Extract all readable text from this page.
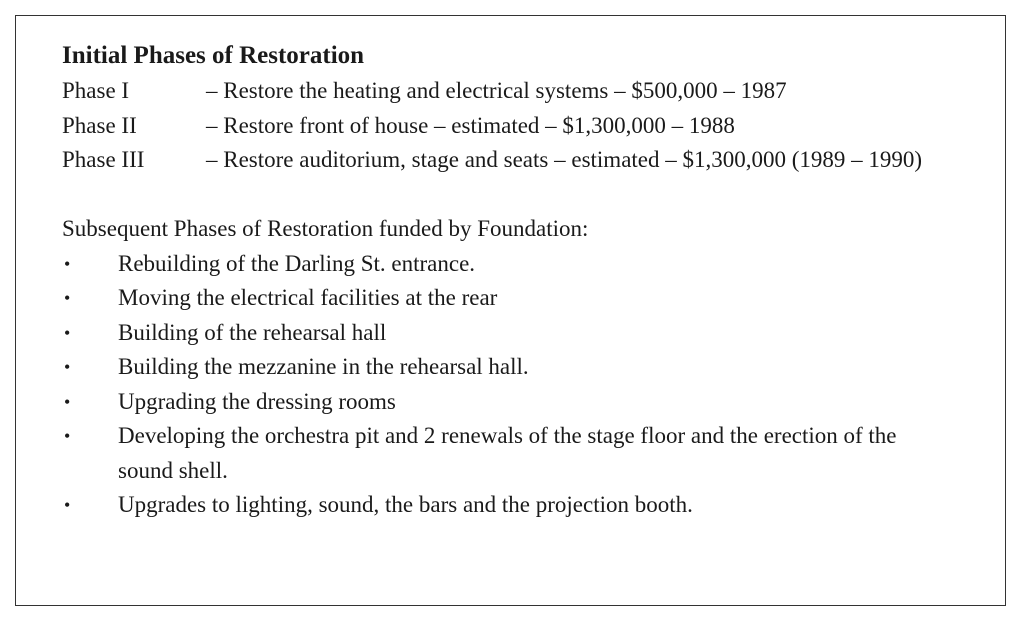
Initial Phases of Restoration
Phase I	– Restore the heating and electrical systems – $500,000 – 1987
Phase II	– Restore front of house – estimated – $1,300,000 – 1988
Phase III	– Restore auditorium, stage and seats – estimated – $1,300,000 (1989 – 1990)

Subsequent Phases of Restoration funded by Foundation:

•	Rebuilding of the Darling St. entrance.
•	Moving the electrical facilities at the rear
•	Building of the rehearsal hall
•	Building the mezzanine in the rehearsal hall.
•	Upgrading the dressing rooms
•	Developing the orchestra pit and 2 renewals of the stage floor and the erection of the sound shell.
•	Upgrades to lighting, sound, the bars and the projection booth.
